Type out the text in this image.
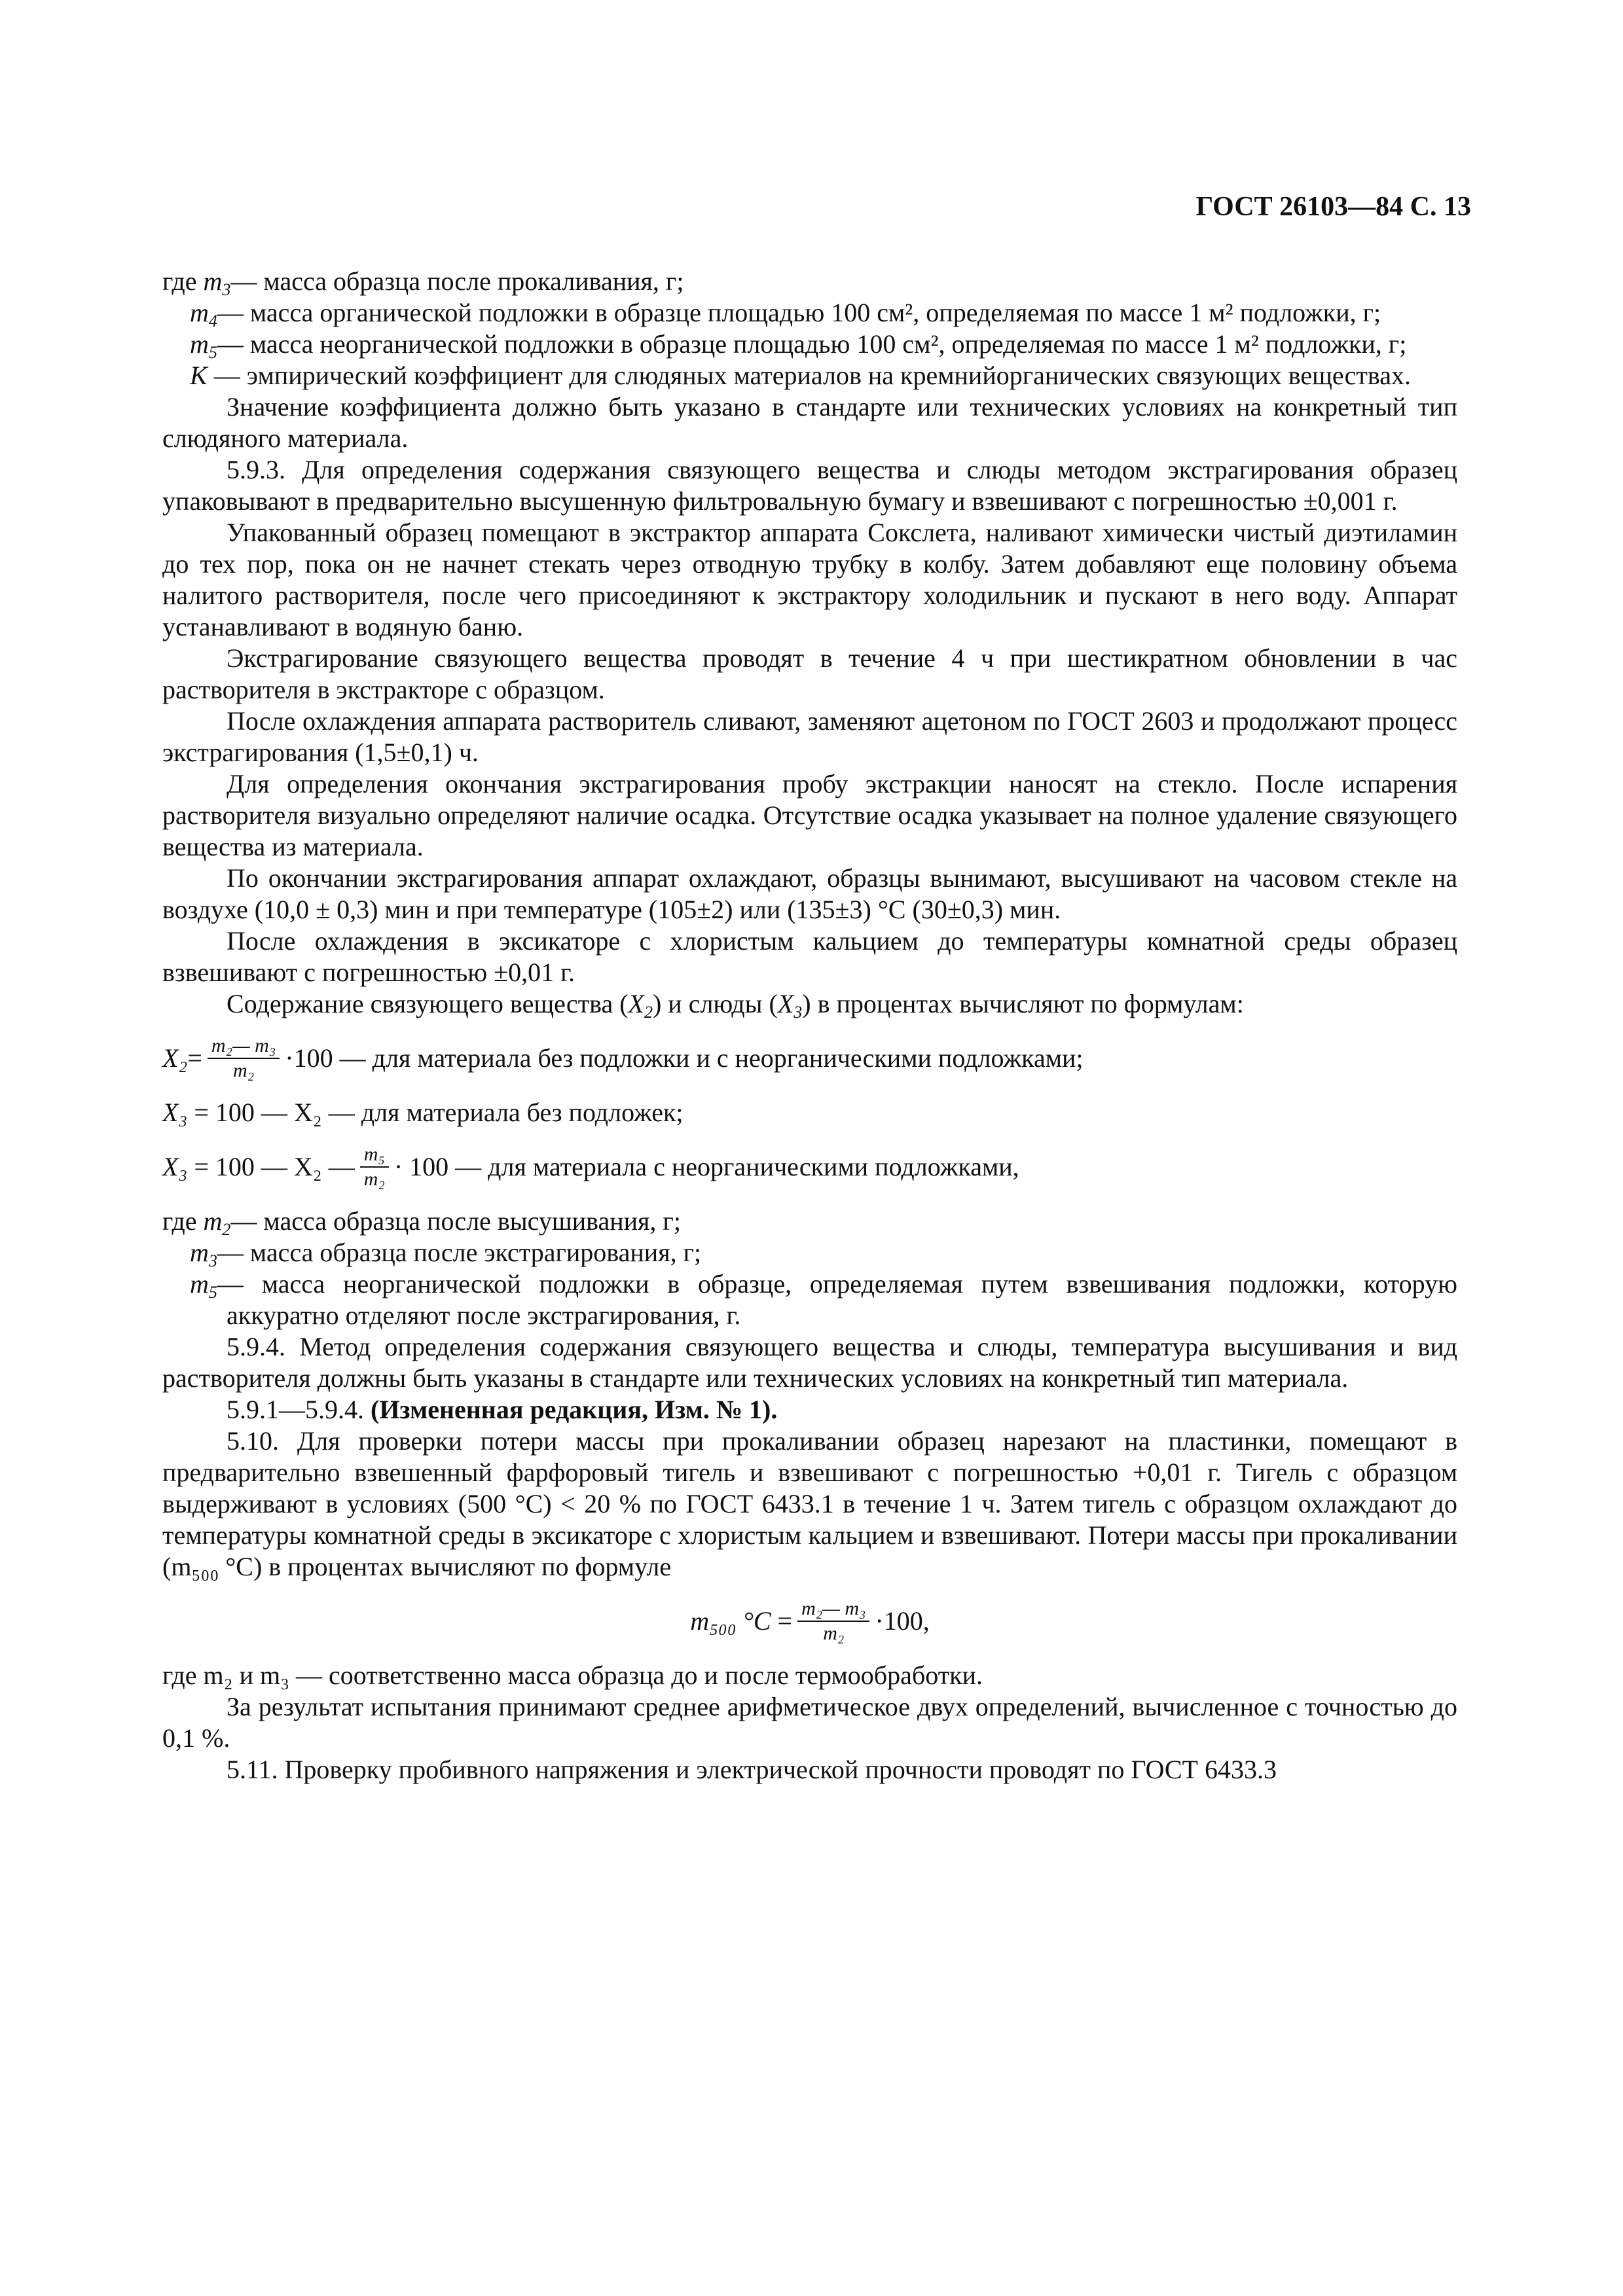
ГОСТ 26103—84 С. 13

где $m_3—$ масса образца после прокаливания, г;

$m_4—$ масса органической подложки в образце площадью 100 см², определяемая по массе 1 м² подложки, г;

$m_5—$ масса неорганической подложки в образце площадью 100 см², определяемая по массе 1 м² подложки, г;

K — эмпирический коэффициент для слюдяных материалов на кремнийорганических связующих веществах.

Значение коэффициента должно быть указано в стандарте или технических условиях на конкретный тип слюдяного материала.

5.9.3. Для определения содержания связующего вещества и слюды методом экстрагирования образец упаковывают в предварительно высушенную фильтровальную бумагу и взвешивают с погрешностью ±0,001 г.

Упакованный образец помещают в экстрактор аппарата Сокслета, наливают химически чистый диэтиламин до тех пор, пока он не начнет стекать через отводную трубку в колбу. Затем добавляют еще половину объема налитого растворителя, после чего присоединяют к экстрактору холодильник и пускают в него воду. Аппарат устанавливают в водяную баню.

Экстрагирование связующего вещества проводят в течение 4 ч при шестикратном обновлении в час растворителя в экстракторе с образцом.

После охлаждения аппарата растворитель сливают, заменяют ацетоном по ГОСТ 2603 и продолжают процесс экстрагирования (1,5±0,1) ч.

Для определения окончания экстрагирования пробу экстракции наносят на стекло. После испарения растворителя визуально определяют наличие осадка. Отсутствие осадка указывает на полное удаление связующего вещества из материала.

По окончании экстрагирования аппарат охлаждают, образцы вынимают, высушивают на часовом стекле на воздухе (10,0 ± 0,3) мин и при температуре (105±2) или (135±3) °С (30±0,3) мин.

После охлаждения в эксикаторе с хлористым кальцием до температуры комнатной среды образец взвешивают с погрешностью ±0,01 г.

Содержание связующего вещества $(X_2)$ и слюды $(X_3)$ в процентах вычисляют по формулам:

$X_2 = \frac{\text{m₂— m₃}}{\text{m₂}} \cdot 100$ — для материала без подложки и с неорганическими подложками;
X₃
= 100 — X₂ — для материала без подложек;
X₃
= 100 — X₂ — $\frac{\text{m₅}}{\text{m₂}} \cdot 100$ — для материала с неорганическими подложками,

где $m_2—$ масса образца после высушивания, г;

$m_3—$ масса образца после экстрагирования, г;

$m_5—$ масса неорганической подложки в образце, определяемая путем взвешивания подложки, которую аккуратно отделяют после экстрагирования, г.

5.9.4. Метод определения содержания связующего вещества и слюды, температура высушивания и вид растворителя должны быть указаны в стандарте или технических условиях на конкретный тип материала.

5.9.1—5.9.4. (Измененная редакция, Изм. № 1).

5.10. Для проверки потери массы при прокаливании образец нарезают на пластинки, помещают в предварительно взвешенный фарфоровый тигель и взвешивают с погрешностью +0,01 г. Тигель с образцом выдерживают в условиях (500 °С) < 20 % по ГОСТ 6433.1 в течение 1 ч. Затем тигель с образцом охлаждают до температуры комнатной среды в эксикаторе с хлористым кальцием и взвешивают. Потери массы при прокаливании (m₅₀₀ °С) в процентах вычисляют по формуле

m₅₀₀ °С
= $\frac{\text{m₂— m₃}}{\text{m₂}} \cdot 100$,

где m₂ и m₃ — соответственно масса образца до и после термообработки.

За результат испытания принимают среднее арифметическое двух определений, вычисленное с точностью до 0,1 %.

5.11. Проверку пробивного напряжения и электрической прочности проводят по ГОСТ 6433.3
